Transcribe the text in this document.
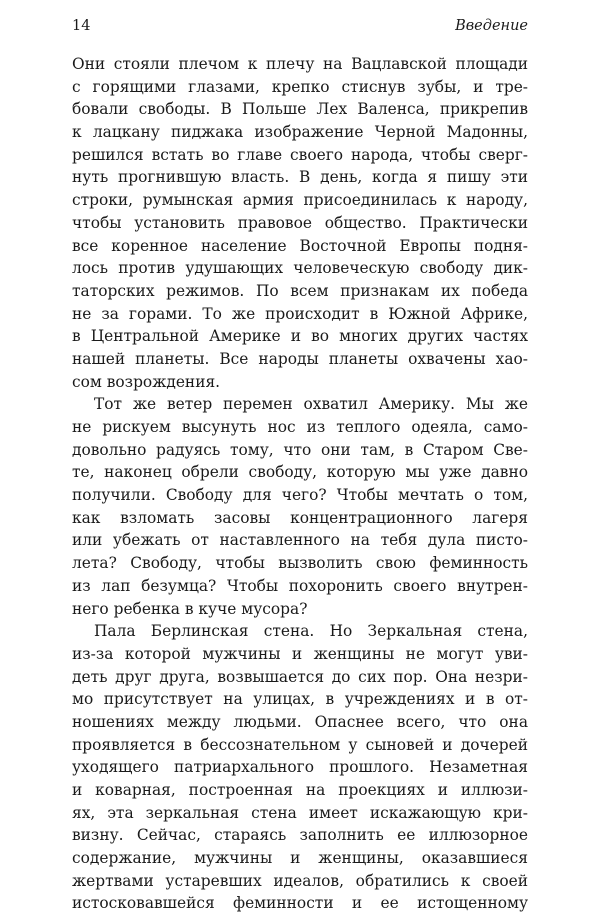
14	Введение
Они стояли плечом к плечу на Вацлавской площади
с горящими глазами, крепко стиснув зубы, и тре-
бовали свободы. В Польше Лех Валенса, прикрепив
к лацкану пиджака изображение Черной Мадонны,
решился встать во главе своего народа, чтобы сверг-
нуть прогнившую власть. В день, когда я пишу эти
строки, румынская армия присоединилась к народу,
чтобы установить правовое общество. Практически
все коренное население Восточной Европы подня-
лось против удушающих человеческую свободу дик-
таторских режимов. По всем признакам их победа
не за горами. То же происходит в Южной Африке,
в Центральной Америке и во многих других частях
нашей планеты. Все народы планеты охвачены хао-
сом возрождения.
Тот же ветер перемен охватил Америку. Мы же
не рискуем высунуть нос из теплого одеяла, само-
довольно радуясь тому, что они там, в Старом Све-
те, наконец обрели свободу, которую мы уже давно
получили. Свободу для чего? Чтобы мечтать о том,
как взломать засовы концентрационного лагеря
или убежать от наставленного на тебя дула писто-
лета? Свободу, чтобы вызволить свою феминность
из лап безумца? Чтобы похоронить своего внутрен-
него ребенка в куче мусора?
Пала Берлинская стена. Но Зеркальная стена,
из-за которой мужчины и женщины не могут уви-
деть друг друга, возвышается до сих пор. Она незри-
мо присутствует на улицах, в учреждениях и в от-
ношениях между людьми. Опаснее всего, что она
проявляется в бессознательном у сыновей и дочерей
уходящего патриархального прошлого. Незаметная
и коварная, построенная на проекциях и иллюзи-
ях, эта зеркальная стена имеет искажающую кри-
визну. Сейчас, стараясь заполнить ее иллюзорное
содержание, мужчины и женщины, оказавшиеся
жертвами устаревших идеалов, обратились к своей
истосковавшейся феминности и ее истощенному
